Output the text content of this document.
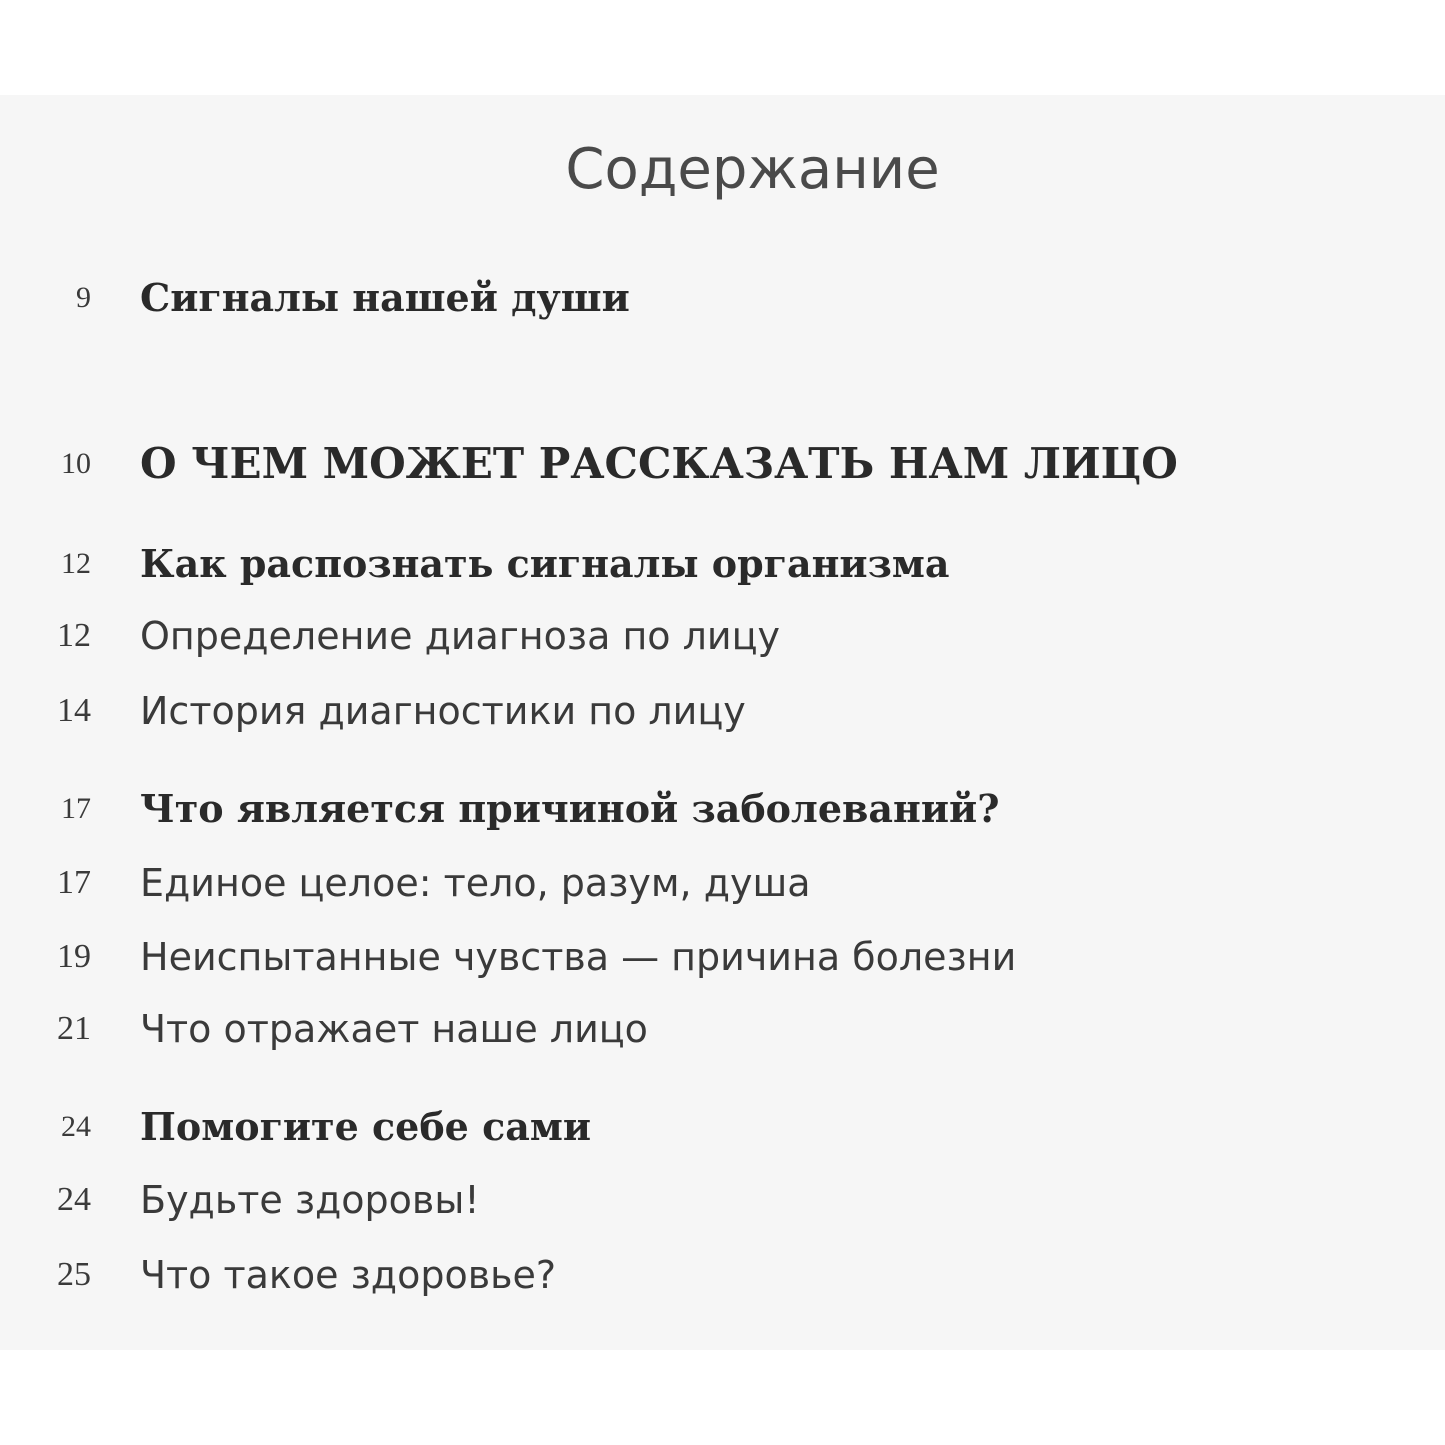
Содержание
9 Сигналы нашей души
10 О ЧЕМ МОЖЕТ РАССКАЗАТЬ НАМ ЛИЦО
12 Как распознать сигналы организма
12 Определение диагноза по лицу
14 История диагностики по лицу
17 Что является причиной заболеваний?
17 Единое целое: тело, разум, душа
19 Неиспытанные чувства — причина болезни
21 Что отражает наше лицо
24 Помогите себе сами
24 Будьте здоровы!
25 Что такое здоровье?
